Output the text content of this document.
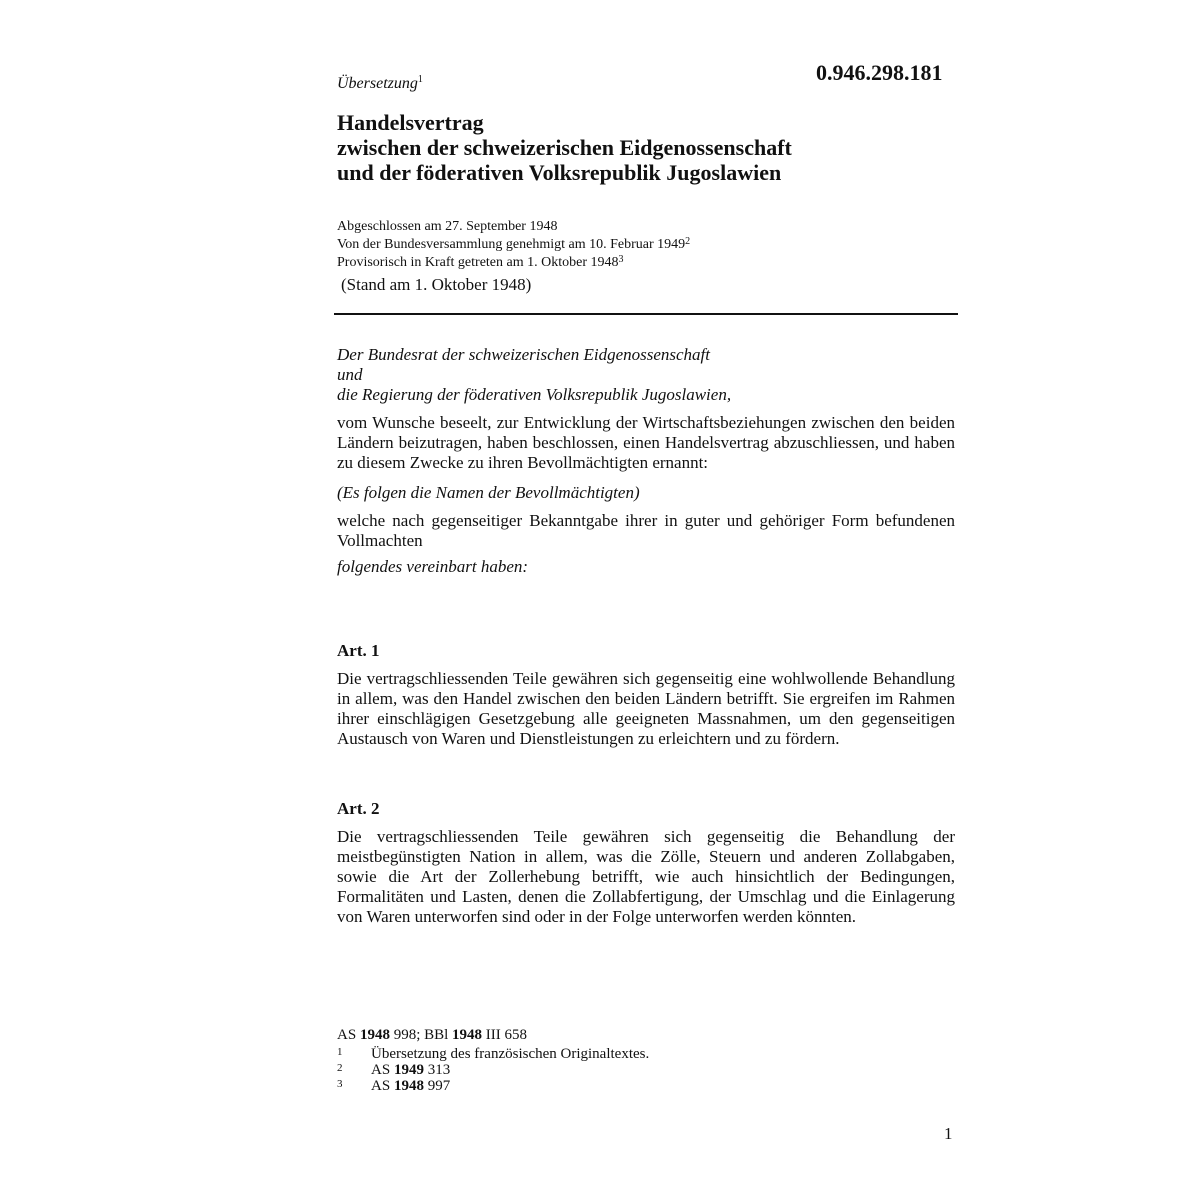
Übersetzung$^1$	0.946.298.181
Handelsvertrag
zwischen der schweizerischen Eidgenossenschaft
und der föderativen Volksrepublik Jugoslawien
Abgeschlossen am 27. September 1948
Von der Bundesversammlung genehmigt am 10. Februar 1949$^2$
Provisorisch in Kraft getreten am 1. Oktober 1948$^3$
(Stand am 1. Oktober 1948)
Der Bundesrat der schweizerischen Eidgenossenschaft
und
die Regierung der föderativen Volksrepublik Jugoslawien,
vom Wunsche beseelt, zur Entwicklung der Wirtschaftsbeziehungen zwischen den beiden Ländern beizutragen, haben beschlossen, einen Handelsvertrag abzuschliessen, und haben zu diesem Zwecke zu ihren Bevollmächtigten ernannt:
(Es folgen die Namen der Bevollmächtigten)
welche nach gegenseitiger Bekanntgabe ihrer in guter und gehöriger Form befundenen Vollmachten
folgendes vereinbart haben:
Art. 1
Die vertragschliessenden Teile gewähren sich gegenseitig eine wohlwollende Behandlung in allem, was den Handel zwischen den beiden Ländern betrifft. Sie ergreifen im Rahmen ihrer einschlägigen Gesetzgebung alle geeigneten Massnahmen, um den gegenseitigen Austausch von Waren und Dienstleistungen zu erleichtern und zu fördern.
Art. 2
Die vertragschliessenden Teile gewähren sich gegenseitig die Behandlung der meistbegünstigten Nation in allem, was die Zölle, Steuern und anderen Zollabgaben, sowie die Art der Zollerhebung betrifft, wie auch hinsichtlich der Bedingungen, Formalitäten und Lasten, denen die Zollabfertigung, der Umschlag und die Einlagerung von Waren unterworfen sind oder in der Folge unterworfen werden könnten.
AS 1948 998; BBl 1948 III 658
1	Übersetzung des französischen Originaltextes.
2	AS 1949 313
3	AS 1948 997
1
